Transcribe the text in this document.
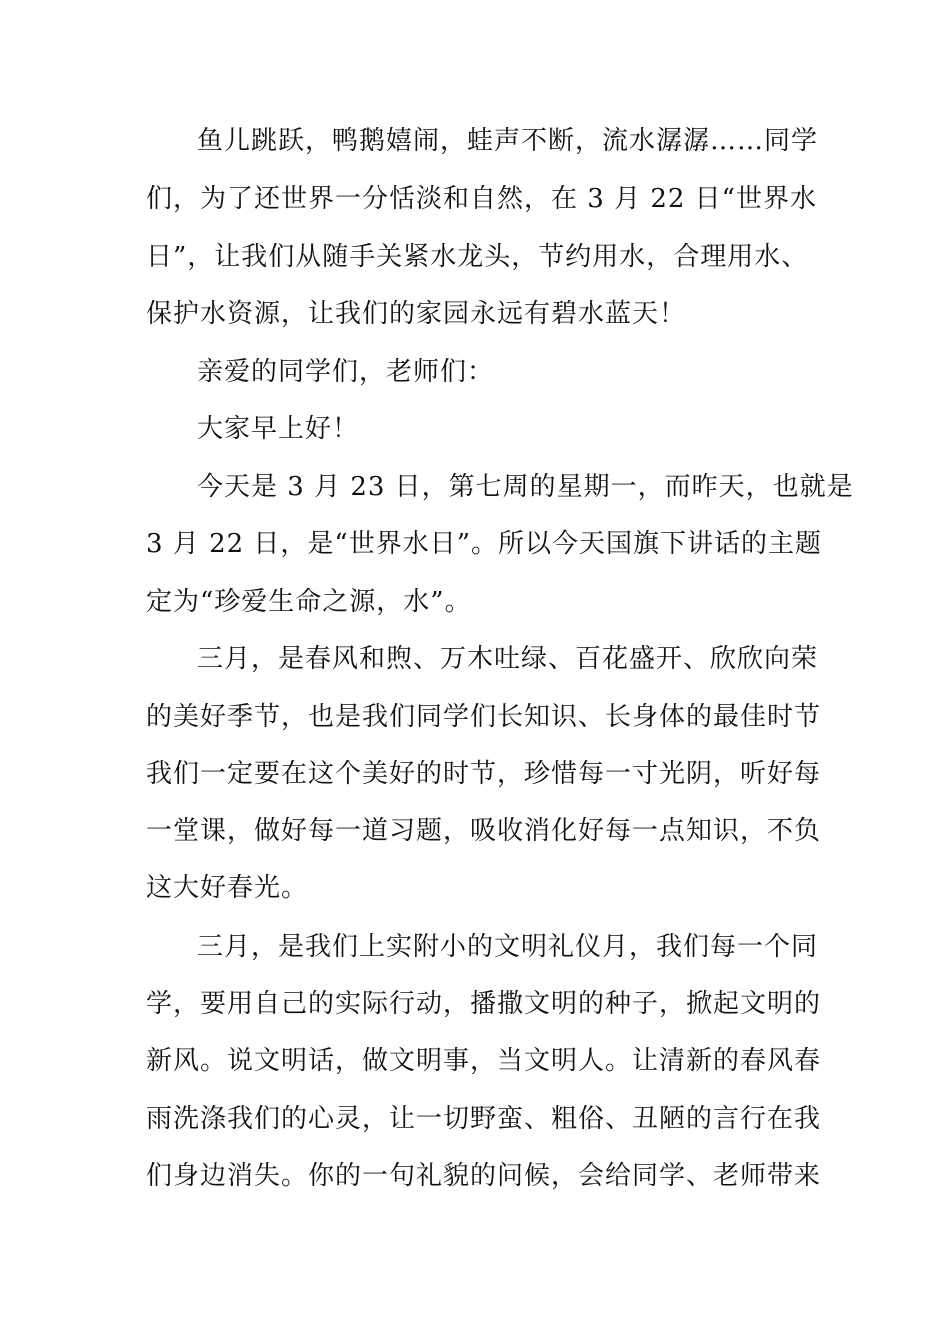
鱼儿跳跃，鸭鹅嬉闹，蛙声不断，流水潺潺……同学

们，为了还世界一分恬淡和自然，在 3 月 22 日“世界水

日”，让我们从随手关紧水龙头，节约用水，合理用水、

保护水资源，让我们的家园永远有碧水蓝天！

亲爱的同学们，老师们：

大家早上好！

今天是 3 月 23 日，第七周的星期一，而昨天，也就是

3 月 22 日，是“世界水日”。所以今天国旗下讲话的主题

定为“珍爱生命之源，水”。

三月，是春风和煦、万木吐绿、百花盛开、欣欣向荣

的美好季节，也是我们同学们长知识、长身体的最佳时节

我们一定要在这个美好的时节，珍惜每一寸光阴，听好每

一堂课，做好每一道习题，吸收消化好每一点知识，不负

这大好春光。

三月，是我们上实附小的文明礼仪月，我们每一个同

学，要用自己的实际行动，播撒文明的种子，掀起文明的

新风。说文明话，做文明事，当文明人。让清新的春风春

雨洗涤我们的心灵，让一切野蛮、粗俗、丑陋的言行在我

们身边消失。你的一句礼貌的问候，会给同学、老师带来
